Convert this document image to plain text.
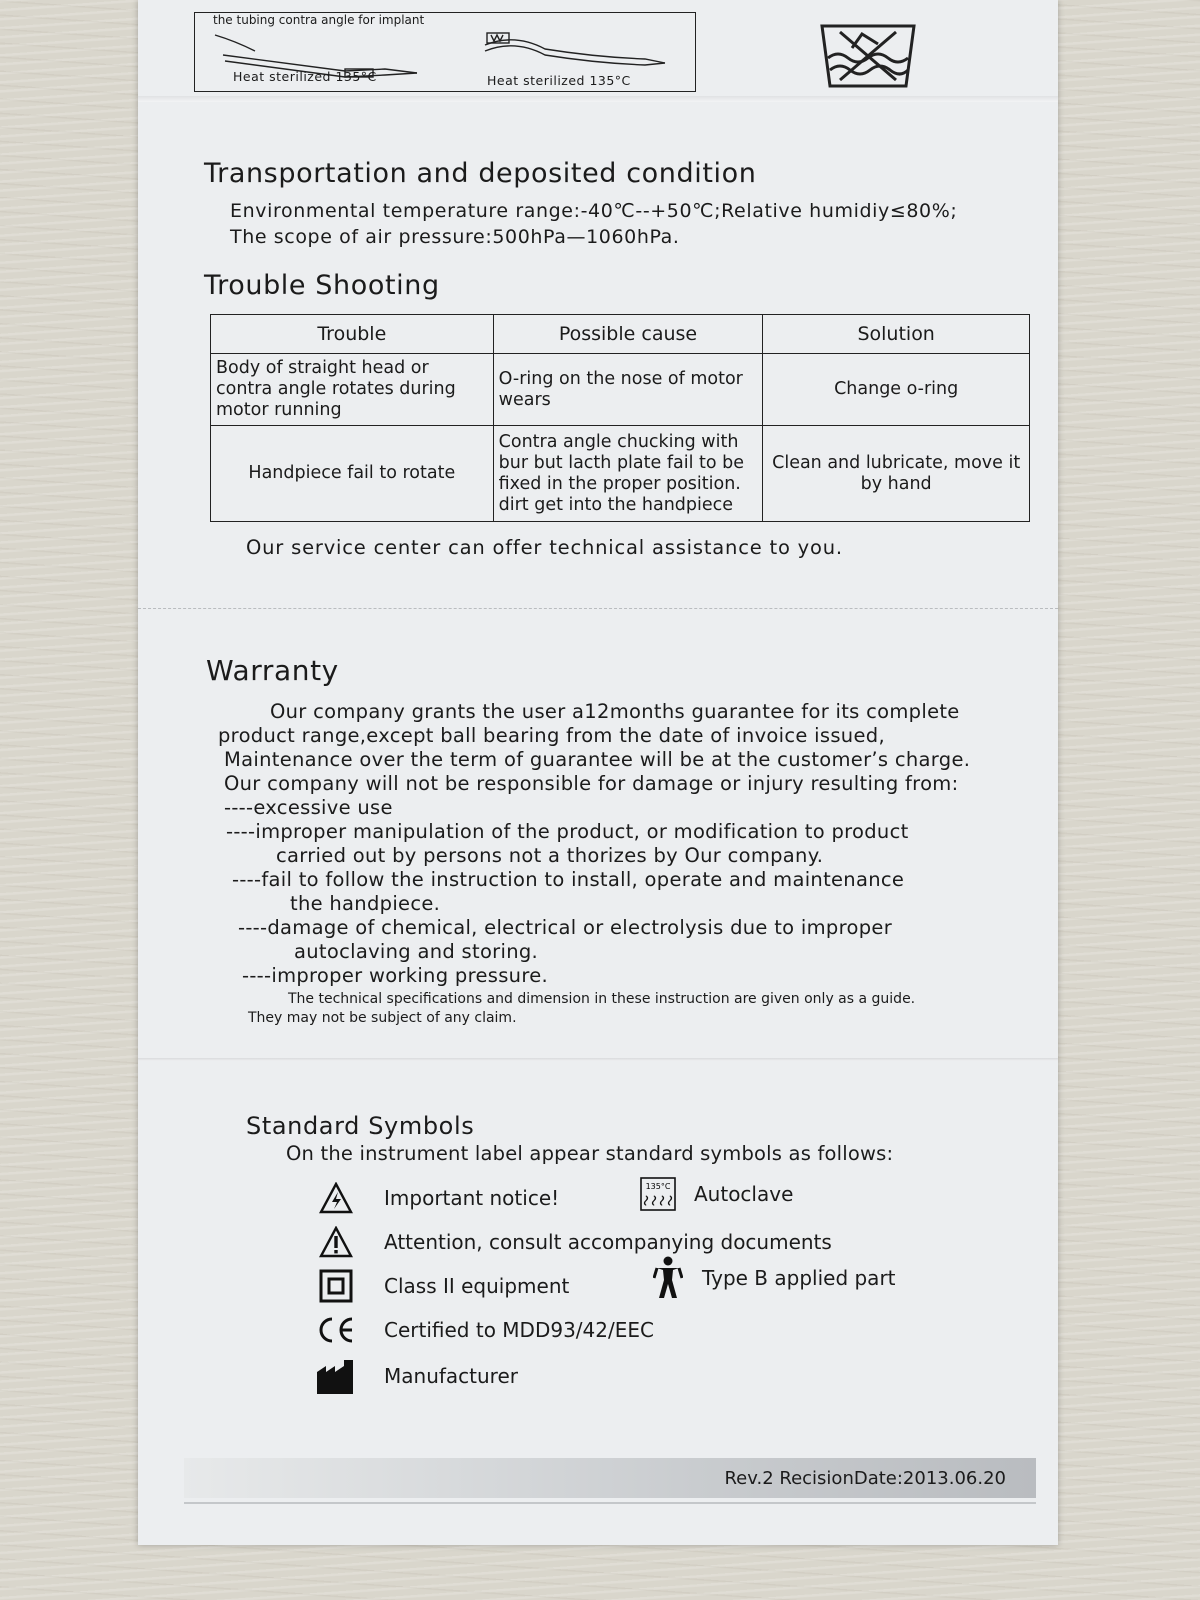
the tubing contra angle for implant
Heat sterilized 135°C	Heat sterilized 135°C
Transportation and deposited condition
Environmental temperature range:-40℃--+50℃;Relative humidiy≤80%;
The scope of air pressure:500hPa—1060hPa.
Trouble Shooting
Trouble	Possible cause	Solution
Body of straight head or contra angle rotates during motor running	O-ring on the nose of motor wears	Change o-ring
Handpiece fail to rotate	Contra angle chucking with bur but lacth plate fail to be fixed in the proper position. dirt get into the handpiece	Clean and lubricate, move it by hand
Our service center can offer technical assistance to you.
Warranty
Our company grants the user a12months guarantee for its complete
product range,except ball bearing from the date of invoice issued,
Maintenance over the term of guarantee will be at the customer’s charge.
Our company will not be responsible for damage or injury resulting from:
----excessive use
----improper manipulation of the product, or modification to product
carried out by persons not a thorizes by Our company.
----fail to follow the instruction to install, operate and maintenance
the handpiece.
----damage of chemical, electrical or electrolysis due to improper
autoclaving and storing.
----improper working pressure.
The technical specifications and dimension in these instruction are given only as a guide.
They may not be subject of any claim.
Standard Symbols
On the instrument label appear standard symbols as follows:
Important notice!	135°C Autoclave
Attention, consult accompanying documents
Class II equipment	Type B applied part
Certified to MDD93/42/EEC
Manufacturer
Rev.2 RecisionDate:2013.06.20
